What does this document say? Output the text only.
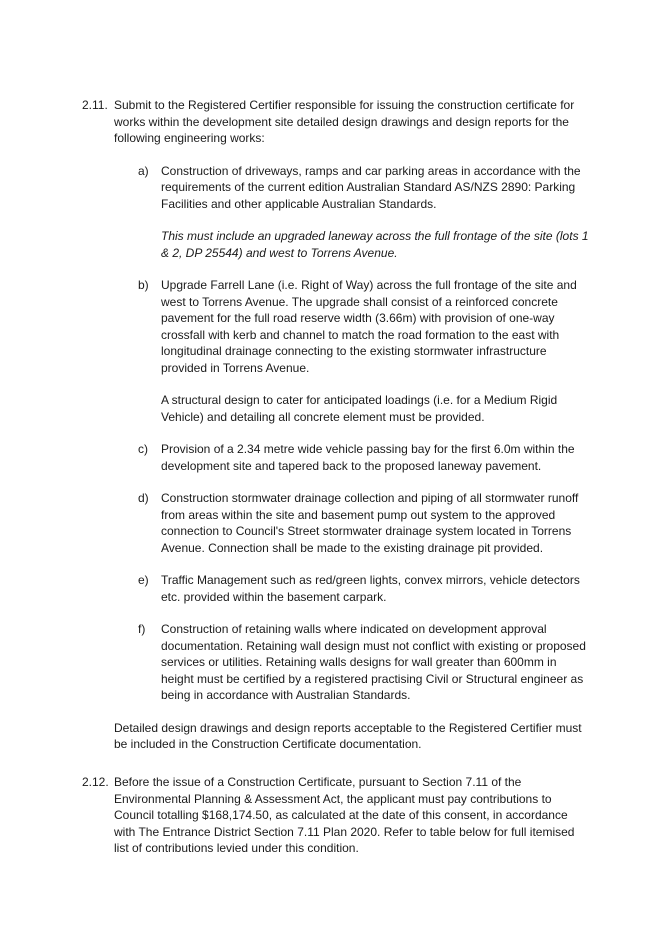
2.11. Submit to the Registered Certifier responsible for issuing the construction certificate for works within the development site detailed design drawings and design reports for the following engineering works:

a) Construction of driveways, ramps and car parking areas in accordance with the requirements of the current edition Australian Standard AS/NZS 2890: Parking Facilities and other applicable Australian Standards.

This must include an upgraded laneway across the full frontage of the site (lots 1 & 2, DP 25544) and west to Torrens Avenue.

b) Upgrade Farrell Lane (i.e. Right of Way) across the full frontage of the site and west to Torrens Avenue. The upgrade shall consist of a reinforced concrete pavement for the full road reserve width (3.66m) with provision of one-way crossfall with kerb and channel to match the road formation to the east with longitudinal drainage connecting to the existing stormwater infrastructure provided in Torrens Avenue.

A structural design to cater for anticipated loadings (i.e. for a Medium Rigid Vehicle) and detailing all concrete element must be provided.

c) Provision of a 2.34 metre wide vehicle passing bay for the first 6.0m within the development site and tapered back to the proposed laneway pavement.

d) Construction stormwater drainage collection and piping of all stormwater runoff from areas within the site and basement pump out system to the approved connection to Council's Street stormwater drainage system located in Torrens Avenue. Connection shall be made to the existing drainage pit provided.

e) Traffic Management such as red/green lights, convex mirrors, vehicle detectors etc. provided within the basement carpark.

f) Construction of retaining walls where indicated on development approval documentation. Retaining wall design must not conflict with existing or proposed services or utilities. Retaining walls designs for wall greater than 600mm in height must be certified by a registered practising Civil or Structural engineer as being in accordance with Australian Standards.

Detailed design drawings and design reports acceptable to the Registered Certifier must be included in the Construction Certificate documentation.

2.12. Before the issue of a Construction Certificate, pursuant to Section 7.11 of the Environmental Planning & Assessment Act, the applicant must pay contributions to Council totalling $168,174.50, as calculated at the date of this consent, in accordance with The Entrance District Section 7.11 Plan 2020. Refer to table below for full itemised list of contributions levied under this condition.
